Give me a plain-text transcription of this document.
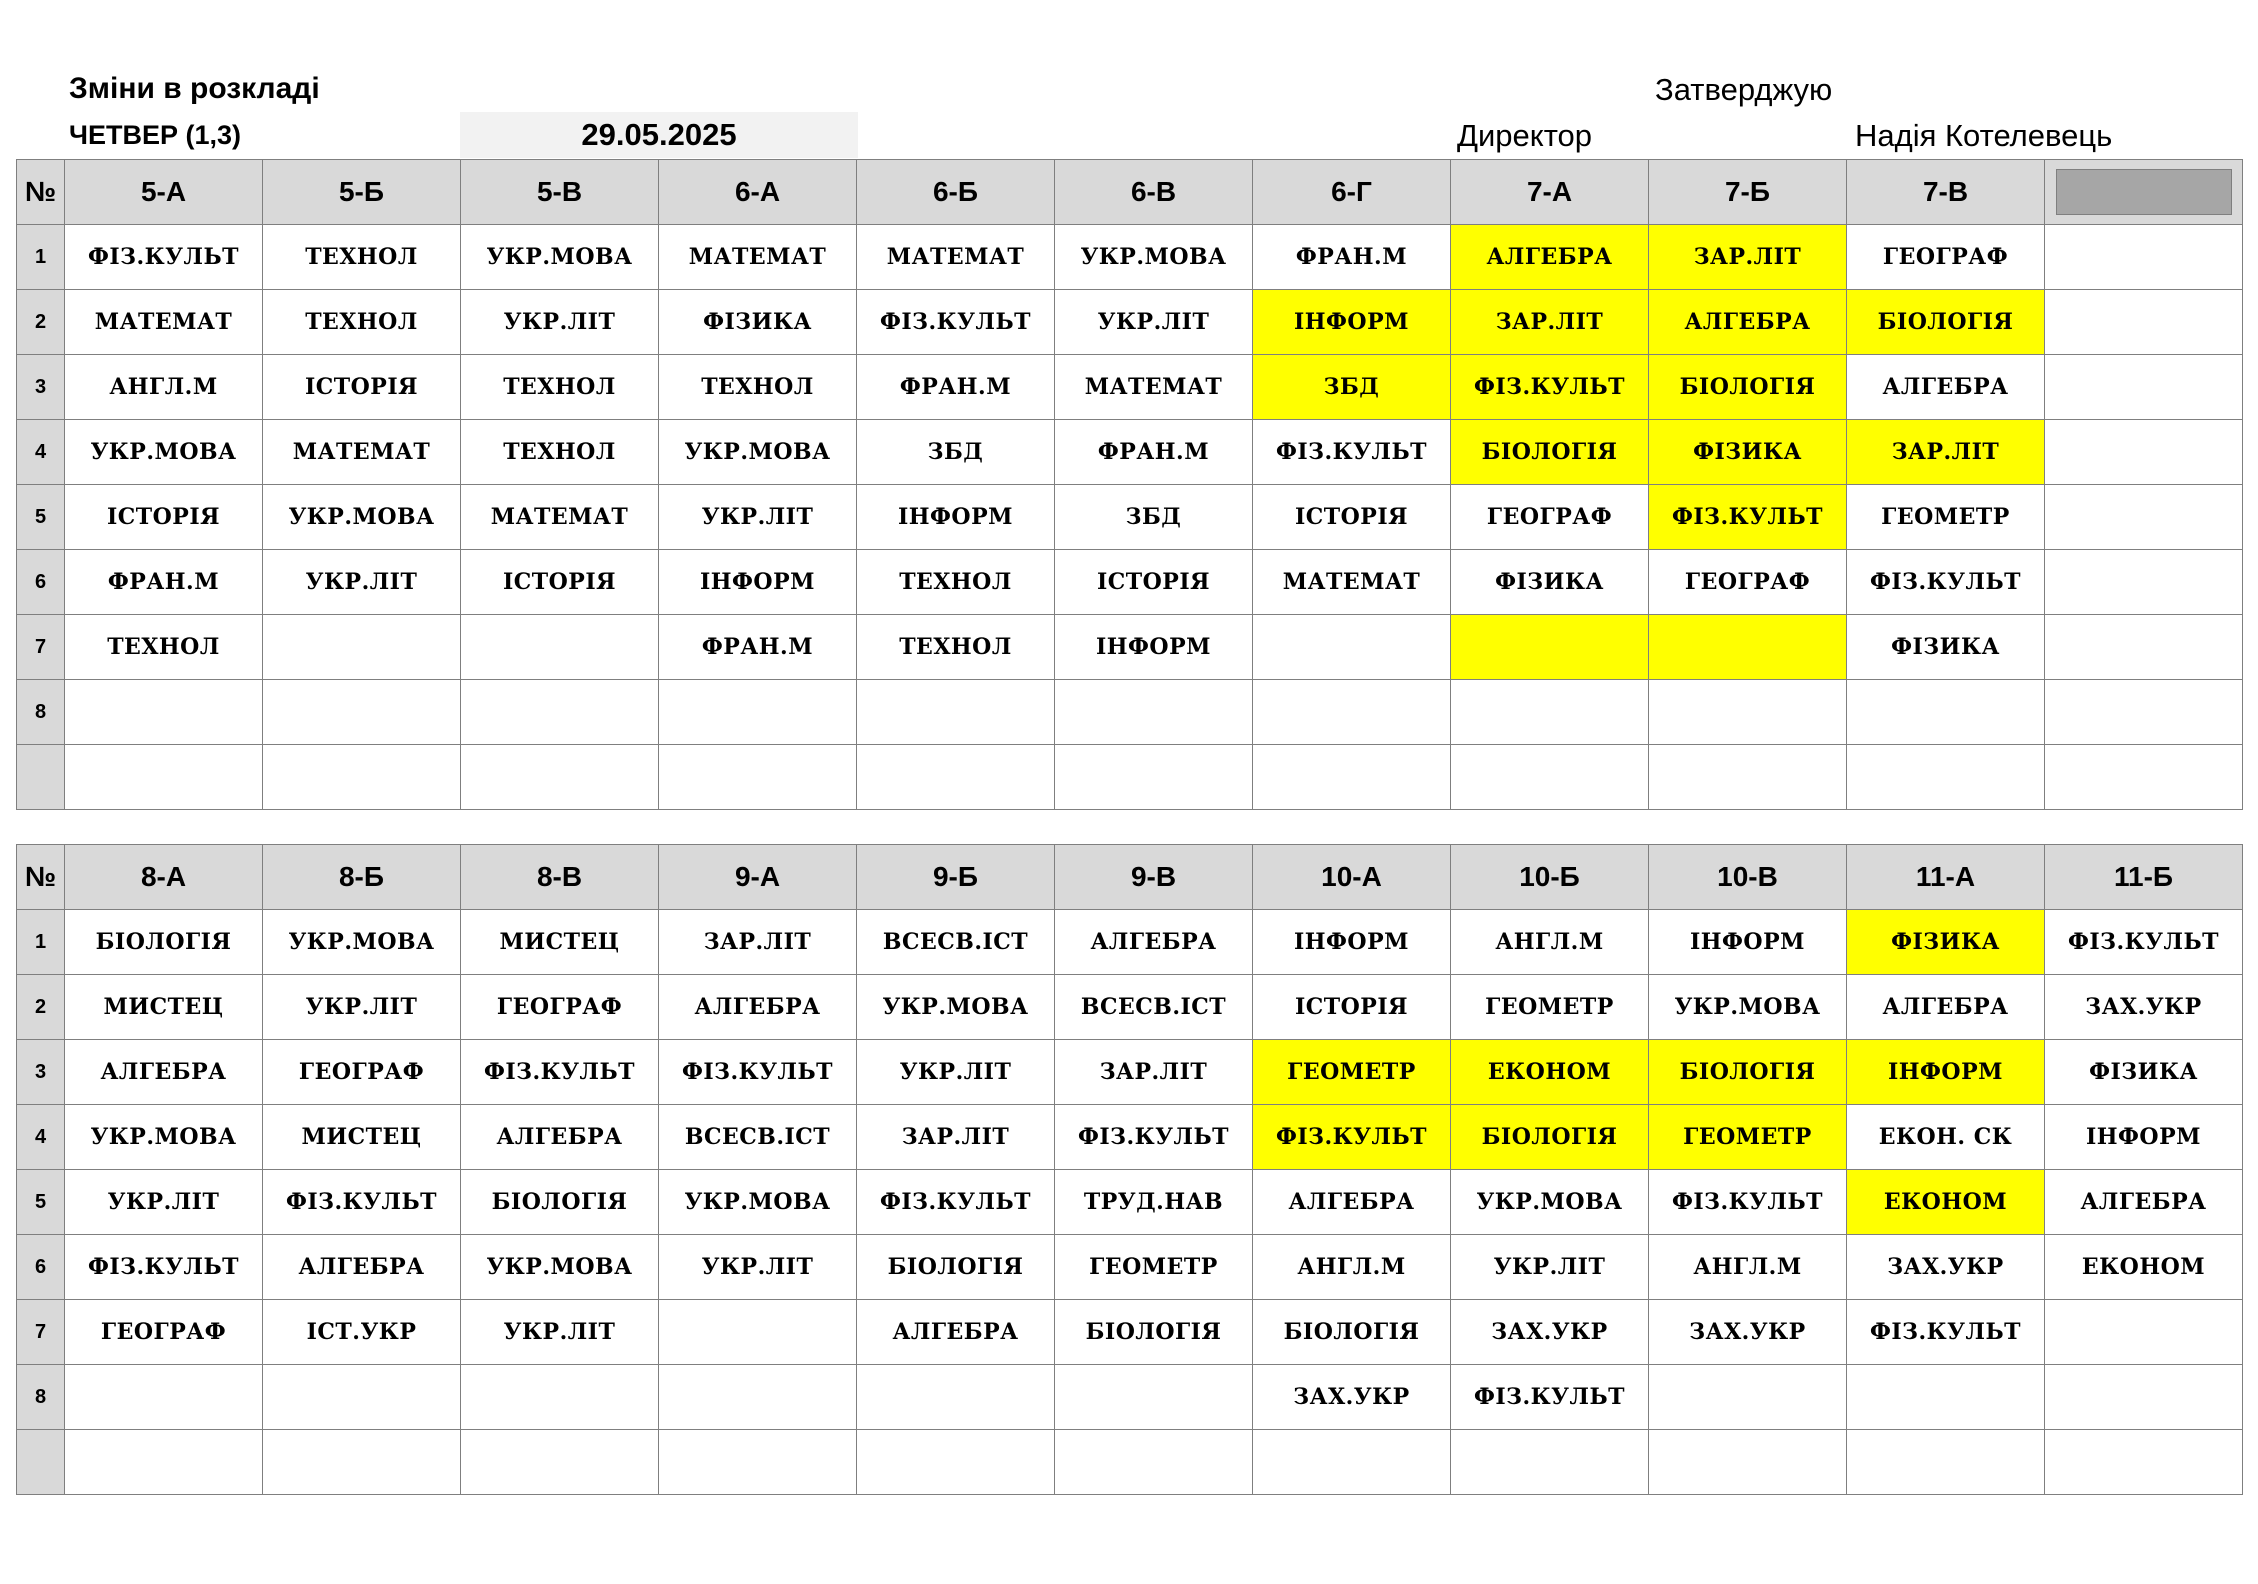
Зміни в розкладі
ЧЕТВЕР (1,3)	29.05.2025
Затверджую
Директор	Надія Котелевець
№	5-А	5-Б	5-В	6-А	6-Б	6-В	6-Г	7-А	7-Б	7-В	

1	ФІЗ.КУЛЬТ	ТЕХНОЛ	УКР.МОВА	МАТЕМАТ	МАТЕМАТ	УКР.МОВА	ФРАН.М	АЛГЕБРА	ЗАР.ЛІТ	ГЕОГРАФ	
2	МАТЕМАТ	ТЕХНОЛ	УКР.ЛІТ	ФІЗИКА	ФІЗ.КУЛЬТ	УКР.ЛІТ	ІНФОРМ	ЗАР.ЛІТ	АЛГЕБРА	БІОЛОГІЯ	
3	АНГЛ.М	ІСТОРІЯ	ТЕХНОЛ	ТЕХНОЛ	ФРАН.М	МАТЕМАТ	ЗБД	ФІЗ.КУЛЬТ	БІОЛОГІЯ	АЛГЕБРА	
4	УКР.МОВА	МАТЕМАТ	ТЕХНОЛ	УКР.МОВА	ЗБД	ФРАН.М	ФІЗ.КУЛЬТ	БІОЛОГІЯ	ФІЗИКА	ЗАР.ЛІТ	
5	ІСТОРІЯ	УКР.МОВА	МАТЕМАТ	УКР.ЛІТ	ІНФОРМ	ЗБД	ІСТОРІЯ	ГЕОГРАФ	ФІЗ.КУЛЬТ	ГЕОМЕТР	
6	ФРАН.М	УКР.ЛІТ	ІСТОРІЯ	ІНФОРМ	ТЕХНОЛ	ІСТОРІЯ	МАТЕМАТ	ФІЗИКА	ГЕОГРАФ	ФІЗ.КУЛЬТ	
7	ТЕХНОЛ			ФРАН.М	ТЕХНОЛ	ІНФОРМ				ФІЗИКА	
8											

№	8-А	8-Б	8-В	9-А	9-Б	9-В	10-А	10-Б	10-В	11-А	11-Б
1	БІОЛОГІЯ	УКР.МОВА	МИСТЕЦ	ЗАР.ЛІТ	ВСЕСВ.ІСТ	АЛГЕБРА	ІНФОРМ	АНГЛ.М	ІНФОРМ	ФІЗИКА	ФІЗ.КУЛЬТ
2	МИСТЕЦ	УКР.ЛІТ	ГЕОГРАФ	АЛГЕБРА	УКР.МОВА	ВСЕСВ.ІСТ	ІСТОРІЯ	ГЕОМЕТР	УКР.МОВА	АЛГЕБРА	ЗАХ.УКР
3	АЛГЕБРА	ГЕОГРАФ	ФІЗ.КУЛЬТ	ФІЗ.КУЛЬТ	УКР.ЛІТ	ЗАР.ЛІТ	ГЕОМЕТР	ЕКОНОМ	БІОЛОГІЯ	ІНФОРМ	ФІЗИКА
4	УКР.МОВА	МИСТЕЦ	АЛГЕБРА	ВСЕСВ.ІСТ	ЗАР.ЛІТ	ФІЗ.КУЛЬТ	ФІЗ.КУЛЬТ	БІОЛОГІЯ	ГЕОМЕТР	ЕКОН. СК	ІНФОРМ
5	УКР.ЛІТ	ФІЗ.КУЛЬТ	БІОЛОГІЯ	УКР.МОВА	ФІЗ.КУЛЬТ	ТРУД.НАВ	АЛГЕБРА	УКР.МОВА	ФІЗ.КУЛЬТ	ЕКОНОМ	АЛГЕБРА
6	ФІЗ.КУЛЬТ	АЛГЕБРА	УКР.МОВА	УКР.ЛІТ	БІОЛОГІЯ	ГЕОМЕТР	АНГЛ.М	УКР.ЛІТ	АНГЛ.М	ЗАХ.УКР	ЕКОНОМ
7	ГЕОГРАФ	ІСТ.УКР	УКР.ЛІТ		АЛГЕБРА	БІОЛОГІЯ	БІОЛОГІЯ	ЗАХ.УКР	ЗАХ.УКР	ФІЗ.КУЛЬТ	
8							ЗАХ.УКР	ФІЗ.КУЛЬТ			
